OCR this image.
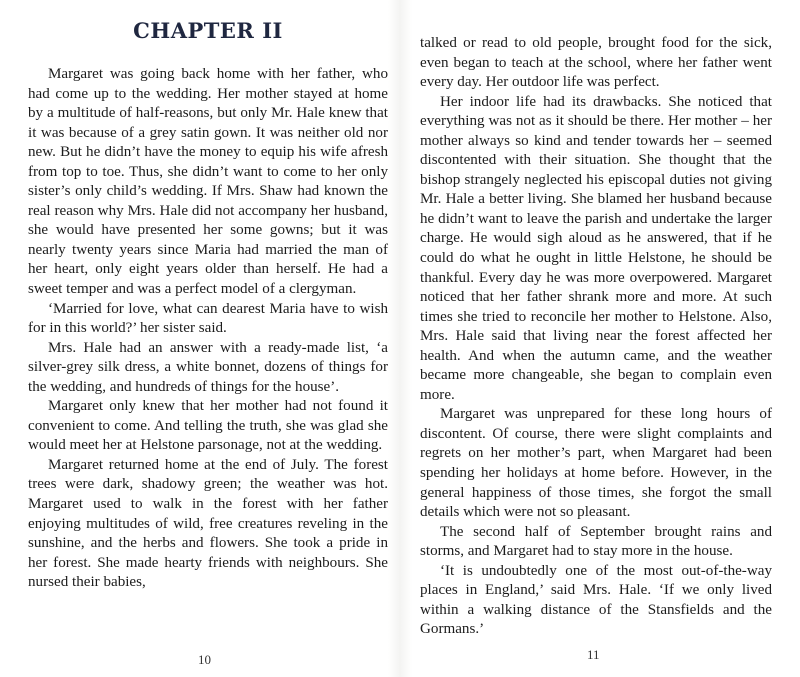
CHAPTER II

Margaret was going back home with her father, who had come up to the wedding. Her mother stayed at home by a multitude of half-reasons, but only Mr. Hale knew that it was because of a grey satin gown. It was neither old nor new. But he didn’t have the money to equip his wife afresh from top to toe. Thus, she didn’t want to come to her only sister’s only child’s wedding. If Mrs. Shaw had known the real reason why Mrs. Hale did not accompany her husband, she would have presented her some gowns; but it was nearly twenty years since Maria had married the man of her heart, only eight years older than herself. He had a sweet temper and was a perfect model of a clergyman.

‘Married for love, what can dearest Maria have to wish for in this world?’ her sister said.

Mrs. Hale had an answer with a ready-made list, ‘a silver-grey silk dress, a white bonnet, dozens of things for the wedding, and hundreds of things for the house’.

Margaret only knew that her mother had not found it convenient to come. And telling the truth, she was glad she would meet her at Helstone parsonage, not at the wedding.

Margaret returned home at the end of July. The forest trees were dark, shadowy green; the weather was hot. Margaret used to walk in the forest with her father enjoying multitudes of wild, free creatures reveling in the sunshine, and the herbs and flowers. She took a pride in her forest. She made hearty friends with neighbours. She nursed their babies,

10

talked or read to old people, brought food for the sick, even began to teach at the school, where her father went every day. Her outdoor life was perfect.

Her indoor life had its drawbacks. She noticed that everything was not as it should be there. Her mother – her mother always so kind and tender towards her – seemed discontented with their situation. She thought that the bishop strangely neglected his episcopal duties not giving Mr. Hale a better living. She blamed her husband because he didn’t want to leave the parish and undertake the larger charge. He would sigh aloud as he answered, that if he could do what he ought in little Helstone, he should be thankful. Every day he was more overpowered. Margaret noticed that her father shrank more and more. At such times she tried to reconcile her mother to Helstone. Also, Mrs. Hale said that living near the forest affected her health. And when the autumn came, and the weather became more changeable, she began to complain even more.

Margaret was unprepared for these long hours of discontent. Of course, there were slight complaints and regrets on her mother’s part, when Margaret had been spending her holidays at home before. However, in the general happiness of those times, she forgot the small details which were not so pleasant.

The second half of September brought rains and storms, and Margaret had to stay more in the house.

‘It is undoubtedly one of the most out-of-the-way places in England,’ said Mrs. Hale. ‘If we only lived within a walking distance of the Stansfields and the Gormans.’

11
